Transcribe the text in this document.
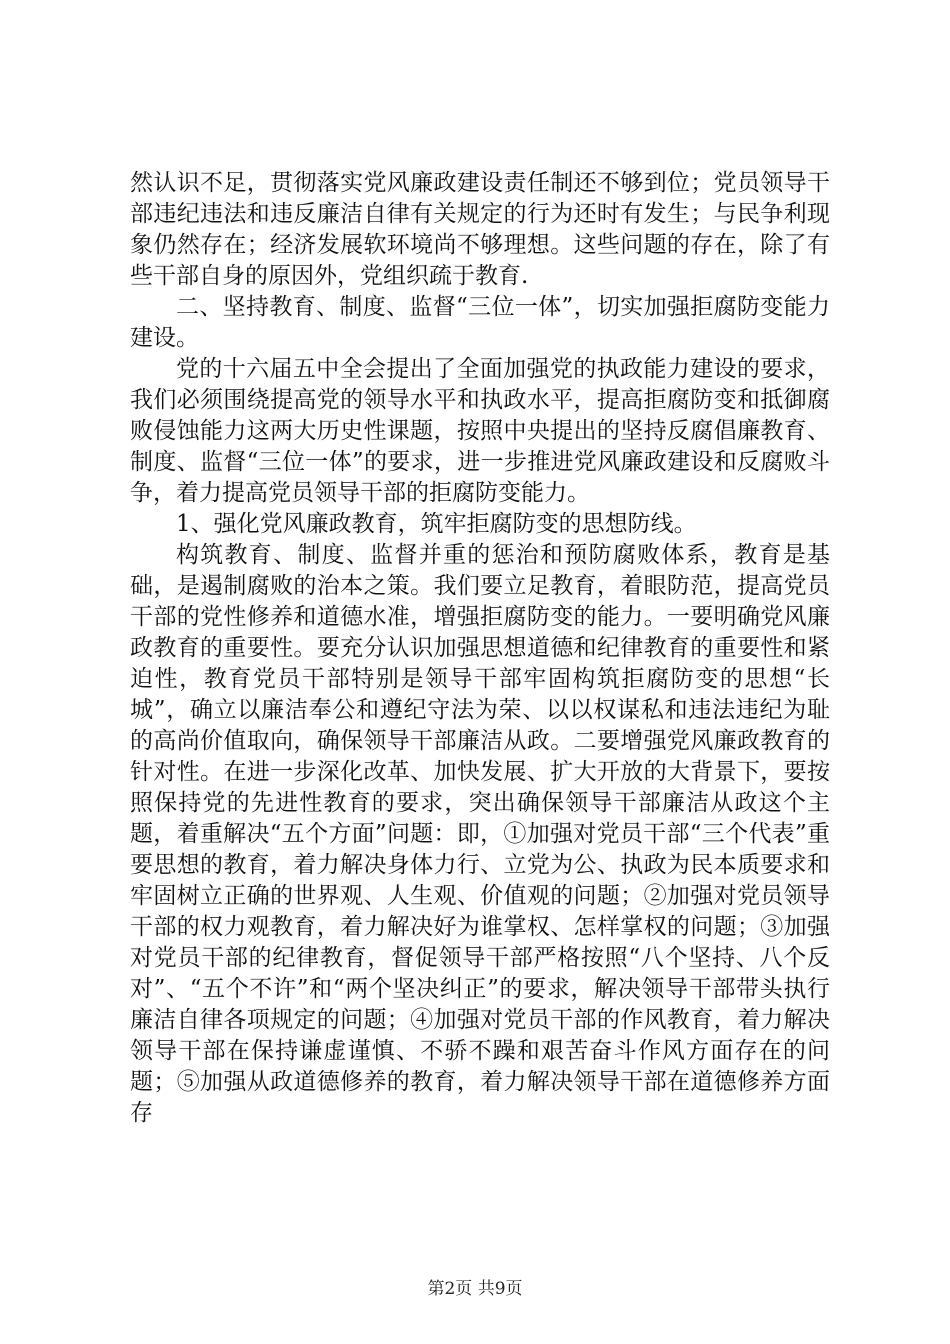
然认识不足，贯彻落实党风廉政建设责任制还不够到位；党员领导干部违纪违法和违反廉洁自律有关规定的行为还时有发生；与民争利现象仍然存在；经济发展软环境尚不够理想。这些问题的存在，除了有些干部自身的原因外，党组织疏于教育.

二、坚持教育、制度、监督“三位一体”，切实加强拒腐防变能力建设。

党的十六届五中全会提出了全面加强党的执政能力建设的要求，我们必须围绕提高党的领导水平和执政水平，提高拒腐防变和抵御腐败侵蚀能力这两大历史性课题，按照中央提出的坚持反腐倡廉教育、制度、监督“三位一体”的要求，进一步推进党风廉政建设和反腐败斗争，着力提高党员领导干部的拒腐防变能力。

1、强化党风廉政教育，筑牢拒腐防变的思想防线。

构筑教育、制度、监督并重的惩治和预防腐败体系，教育是基础，是遏制腐败的治本之策。我们要立足教育，着眼防范，提高党员干部的党性修养和道德水准，增强拒腐防变的能力。一要明确党风廉政教育的重要性。要充分认识加强思想道德和纪律教育的重要性和紧迫性，教育党员干部特别是领导干部牢固构筑拒腐防变的思想“长城”，确立以廉洁奉公和遵纪守法为荣、以以权谋私和违法违纪为耻的高尚价值取向，确保领导干部廉洁从政。二要增强党风廉政教育的针对性。在进一步深化改革、加快发展、扩大开放的大背景下，要按照保持党的先进性教育的要求，突出确保领导干部廉洁从政这个主题，着重解决“五个方面”问题：即，①加强对党员干部“三个代表”重要思想的教育，着力解决身体力行、立党为公、执政为民本质要求和牢固树立正确的世界观、人生观、价值观的问题；②加强对党员领导干部的权力观教育，着力解决好为谁掌权、怎样掌权的问题；③加强对党员干部的纪律教育，督促领导干部严格按照“八个坚持、八个反对”、“五个不许”和“两个坚决纠正”的要求，解决领导干部带头执行廉洁自律各项规定的问题；④加强对党员干部的作风教育，着力解决领导干部在保持谦虚谨慎、不骄不躁和艰苦奋斗作风方面存在的问题；⑤加强从政道德修养的教育，着力解决领导干部在道德修养方面存

第2页 共9页
